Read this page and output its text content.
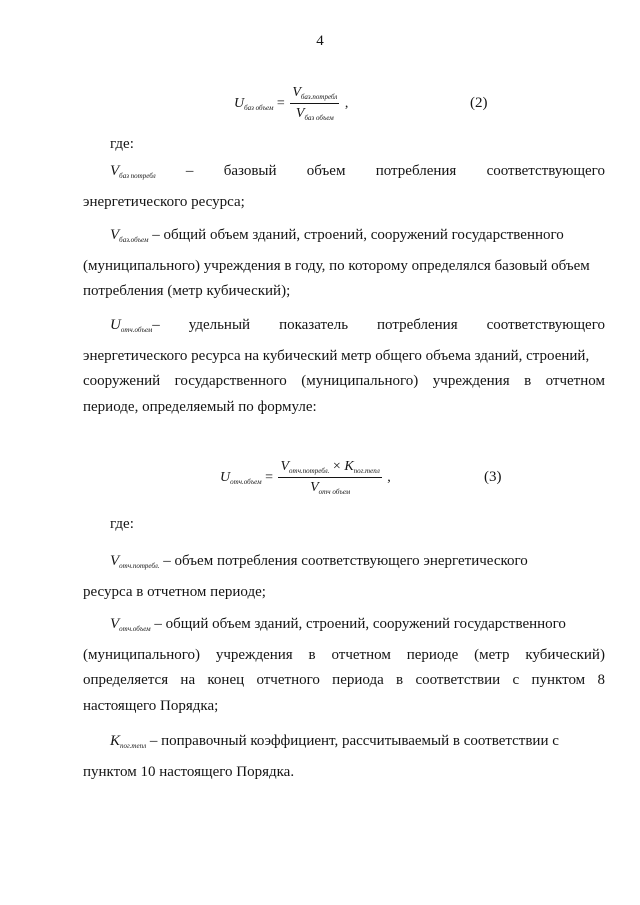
4
$U_{баз объем} = \frac{V_{баз.потребл}}{V_{баз объем}}$ ,	(2)
где:
$V_{баз потребл}$ – базовый объем потребления соответствующего
энергетического ресурса;
$V_{баз.объем}$ – общий объем зданий, строений, сооружений государственного
(муниципального) учреждения в году, по которому определялся базовый объем
потребления (метр кубический);
$U_{отч.объем}-$ удельный показатель потребления соответствующего
энергетического ресурса на кубический метр общего объема зданий, строений,
сооружений государственного (муниципального) учреждения в отчетном
периоде, определяемый по формуле:
$U_{отч.объем} = \frac{V_{отч.потребл.} \times K_{пог.тепл}}{V_{отч объем}}$ ,	(3)
где:
$V_{отч.потребл.}$ – объем потребления соответствующего энергетического
ресурса в отчетном периоде;
$V_{отч.объем}$ – общий объем зданий, строений, сооружений государственного
(муниципального) учреждения в отчетном периоде (метр кубический)
определяется на конец отчетного периода в соответствии с пунктом 8
настоящего Порядка;
$K_{пог.тепл}$ – поправочный коэффициент, рассчитываемый в соответствии с
пунктом 10 настоящего Порядка.
